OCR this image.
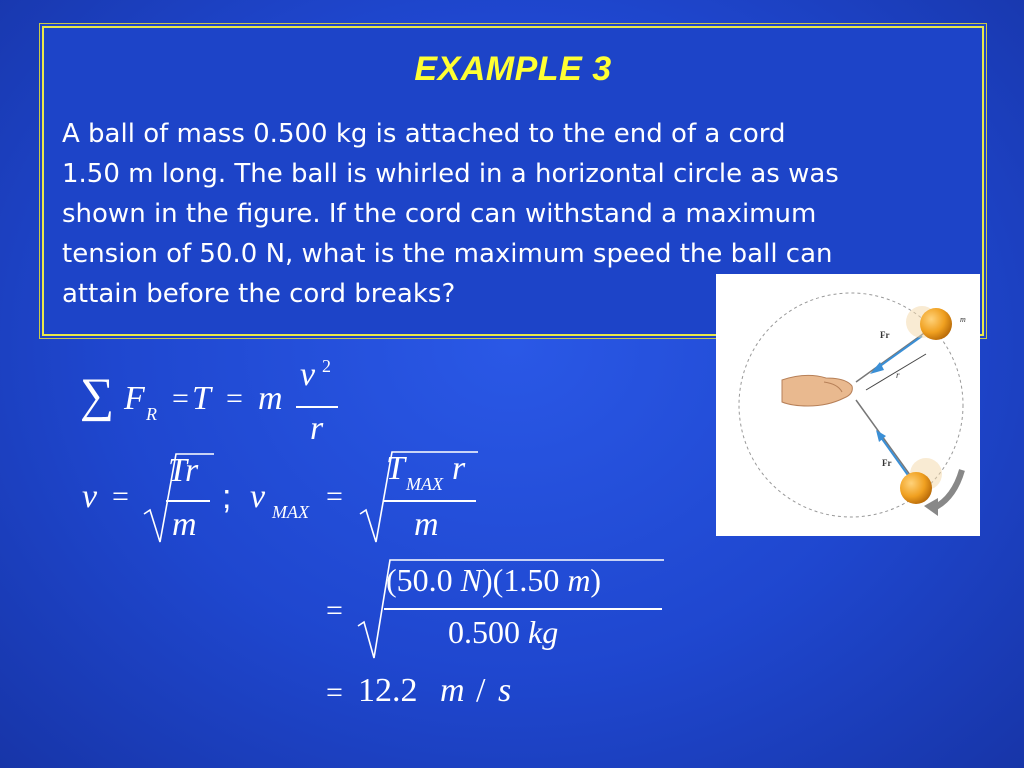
EXAMPLE 3
A ball of mass 0.500 kg is attached to the end of a cord
1.50 m long. The ball is whirled in a horizontal circle as was
shown in the figure. If the cord can withstand a maximum
tension of 50.0 N, what is the maximum speed the ball can
attain before the cord breaks?
r
Fr
Fr
m
∑ F R = T = m
v 2
r
v =
Tr
m
; v MAX =
T MAX r
m
=
(50.0 N)(1.50 m)
0.500 kg
= 12.2 m / s
